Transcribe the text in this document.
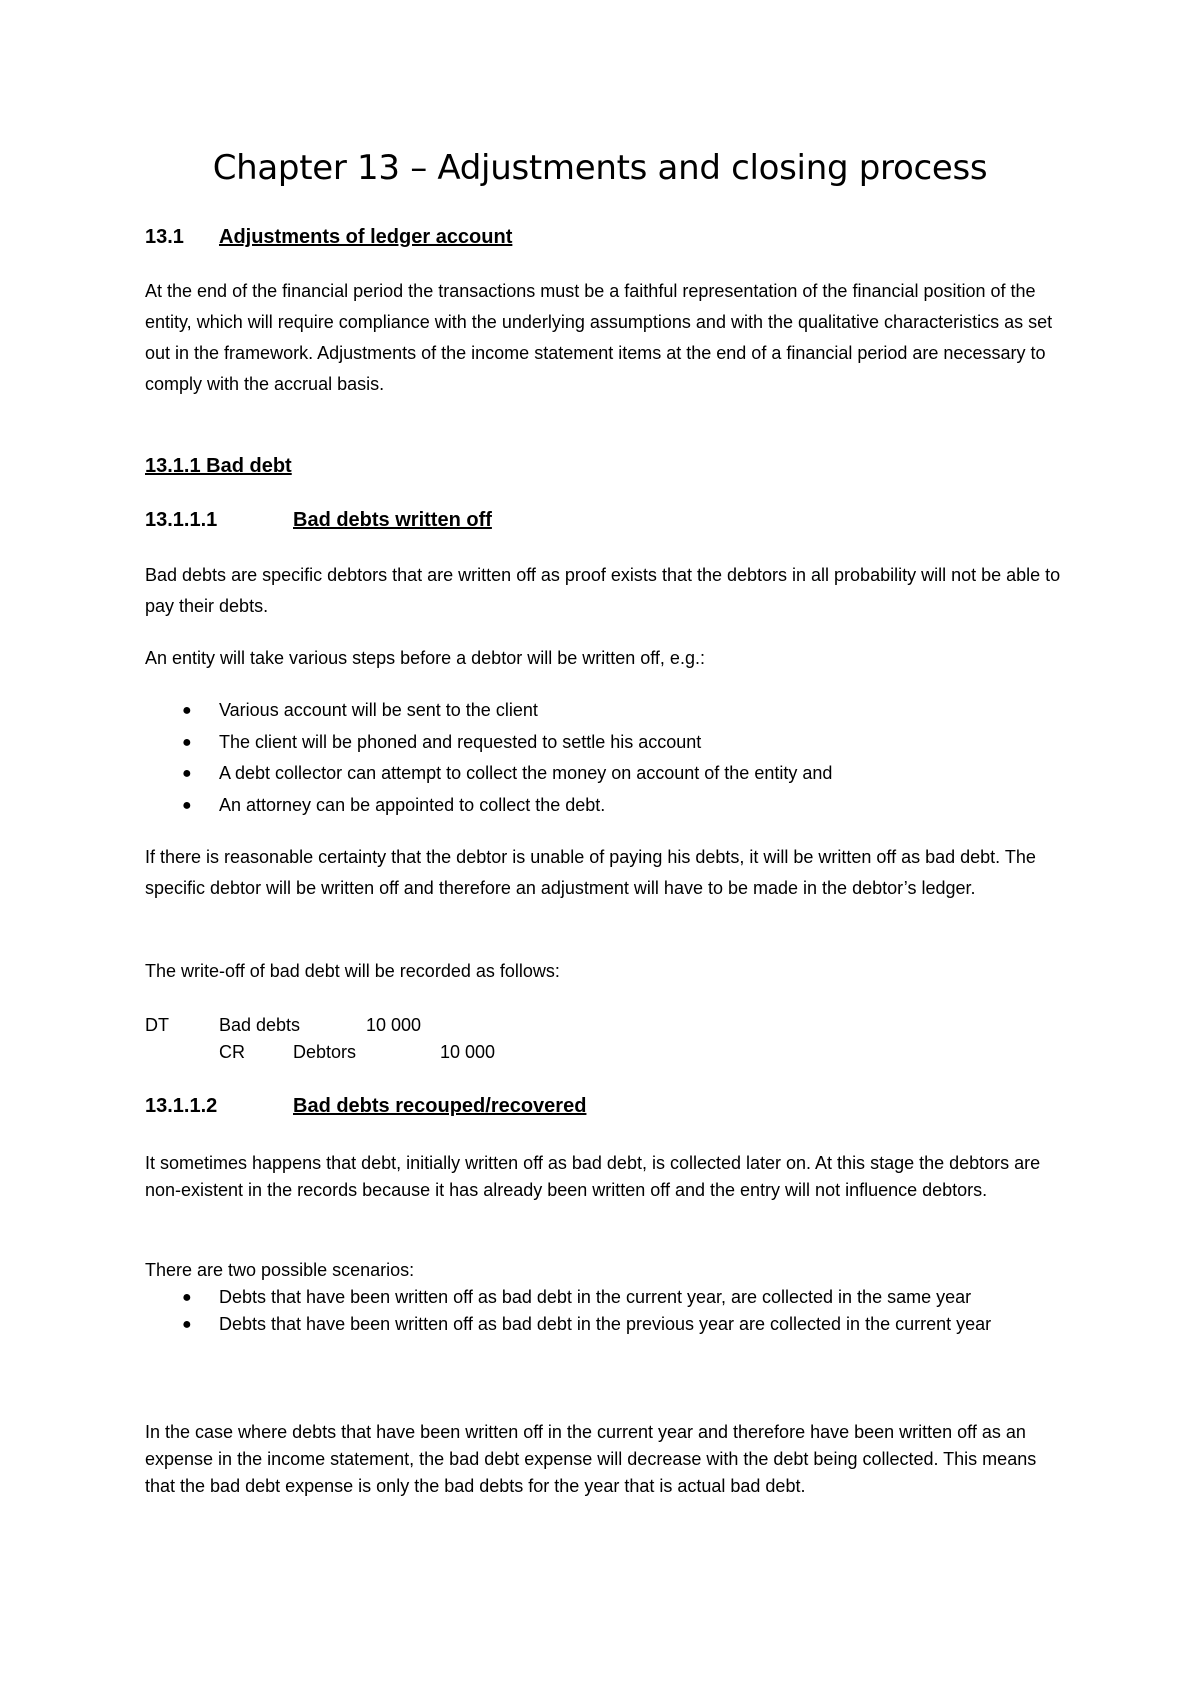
Chapter 13 – Adjustments and closing process
13.1 Adjustments of ledger account

At the end of the financial period the transactions must be a faithful representation of the financial position of the entity, which will require compliance with the underlying assumptions and with the qualitative characteristics as set out in the framework. Adjustments of the income statement items at the end of a financial period are necessary to comply with the accrual basis.

13.1.1 Bad debt
13.1.1.1	Bad debts written off

Bad debts are specific debtors that are written off as proof exists that the debtors in all probability will not be able to pay their debts.

An entity will take various steps before a debtor will be written off, e.g.:

● Various account will be sent to the client
● The client will be phoned and requested to settle his account
● A debt collector can attempt to collect the money on account of the entity and
● An attorney can be appointed to collect the debt.

If there is reasonable certainty that the debtor is unable of paying his debts, it will be written off as bad debt. The specific debtor will be written off and therefore an adjustment will have to be made in the debtor’s ledger.

The write-off of bad debt will be recorded as follows:

DT	Bad debts	10 000
CR	Debtors	10 000
13.1.1.2	Bad debts recouped/recovered

It sometimes happens that debt, initially written off as bad debt, is collected later on. At this stage the debtors are non-existent in the records because it has already been written off and the entry will not influence debtors.

There are two possible scenarios:

● Debts that have been written off as bad debt in the current year, are collected in the same year
● Debts that have been written off as bad debt in the previous year are collected in the current year

In the case where debts that have been written off in the current year and therefore have been written off as an expense in the income statement, the bad debt expense will decrease with the debt being collected. This means that the bad debt expense is only the bad debts for the year that is actual bad debt.
